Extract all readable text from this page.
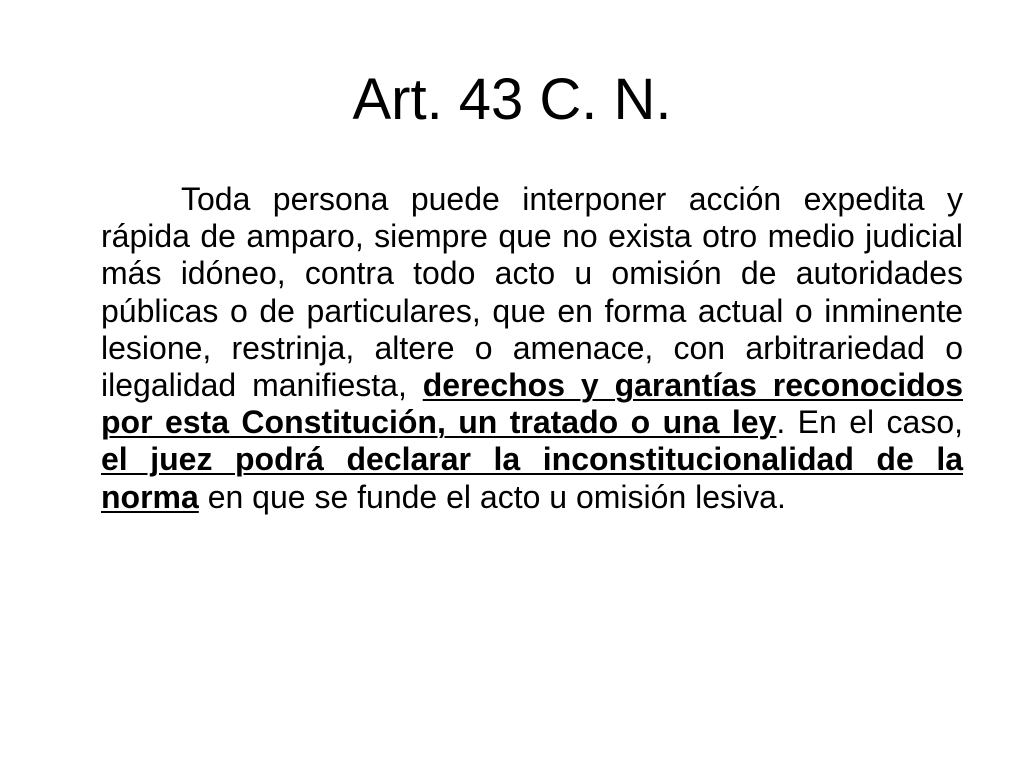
Art. 43 C. N.

Toda persona puede interponer acción expedita y rápida de amparo, siempre que no exista otro medio judicial más idóneo, contra todo acto u omisión de autoridades públicas o de particulares, que en forma actual o inminente lesione, restrinja, altere o amenace, con arbitrariedad o ilegalidad manifiesta, derechos y garantías reconocidos por esta Constitución, un tratado o una ley. En el caso, el juez podrá declarar la inconstitucionalidad de la norma en que se funde el acto u omisión lesiva.
